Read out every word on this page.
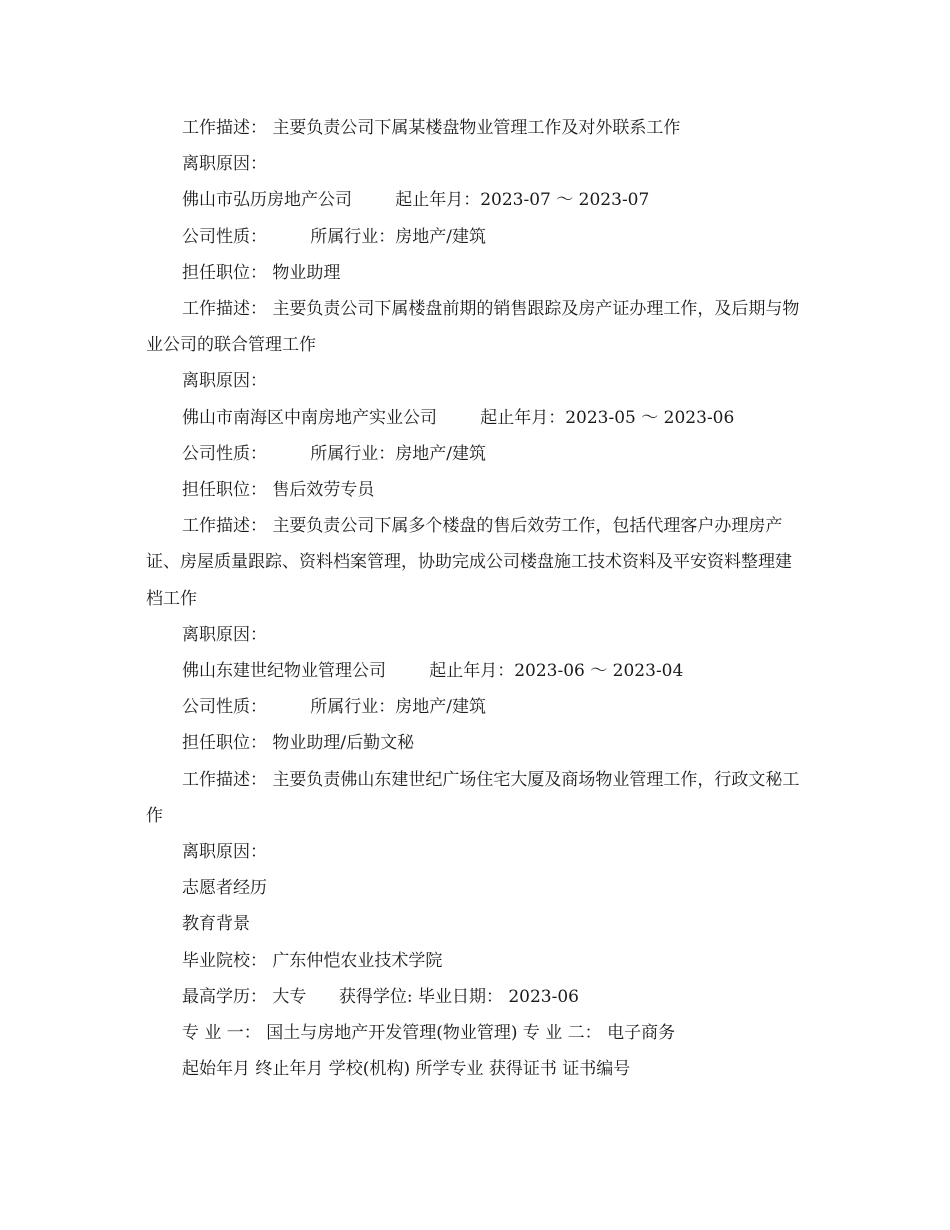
工作描述： 主要负责公司下属某楼盘物业管理工作及对外联系工作

离职原因：

佛山市弘历房地产公司        起止年月：2023-07 ～ 2023-07

公司性质：        所属行业：房地产/建筑

担任职位： 物业助理

工作描述： 主要负责公司下属楼盘前期的销售跟踪及房产证办理工作，及后期与物业公司的联合管理工作

离职原因：

佛山市南海区中南房地产实业公司        起止年月：2023-05 ～ 2023-06

公司性质：        所属行业：房地产/建筑

担任职位： 售后效劳专员

工作描述： 主要负责公司下属多个楼盘的售后效劳工作，包括代理客户办理房产证、房屋质量跟踪、资料档案管理，协助完成公司楼盘施工技术资料及平安资料整理建档工作

离职原因：

佛山东建世纪物业管理公司        起止年月：2023-06 ～ 2023-04

公司性质：        所属行业：房地产/建筑

担任职位： 物业助理/后勤文秘

工作描述： 主要负责佛山东建世纪广场住宅大厦及商场物业管理工作，行政文秘工作

离职原因：

志愿者经历

教育背景

毕业院校： 广东仲恺农业技术学院

最高学历： 大专      获得学位: 毕业日期： 2023-06

专 业 一： 国土与房地产开发管理(物业管理) 专 业 二： 电子商务

起始年月 终止年月 学校(机构) 所学专业 获得证书 证书编号
